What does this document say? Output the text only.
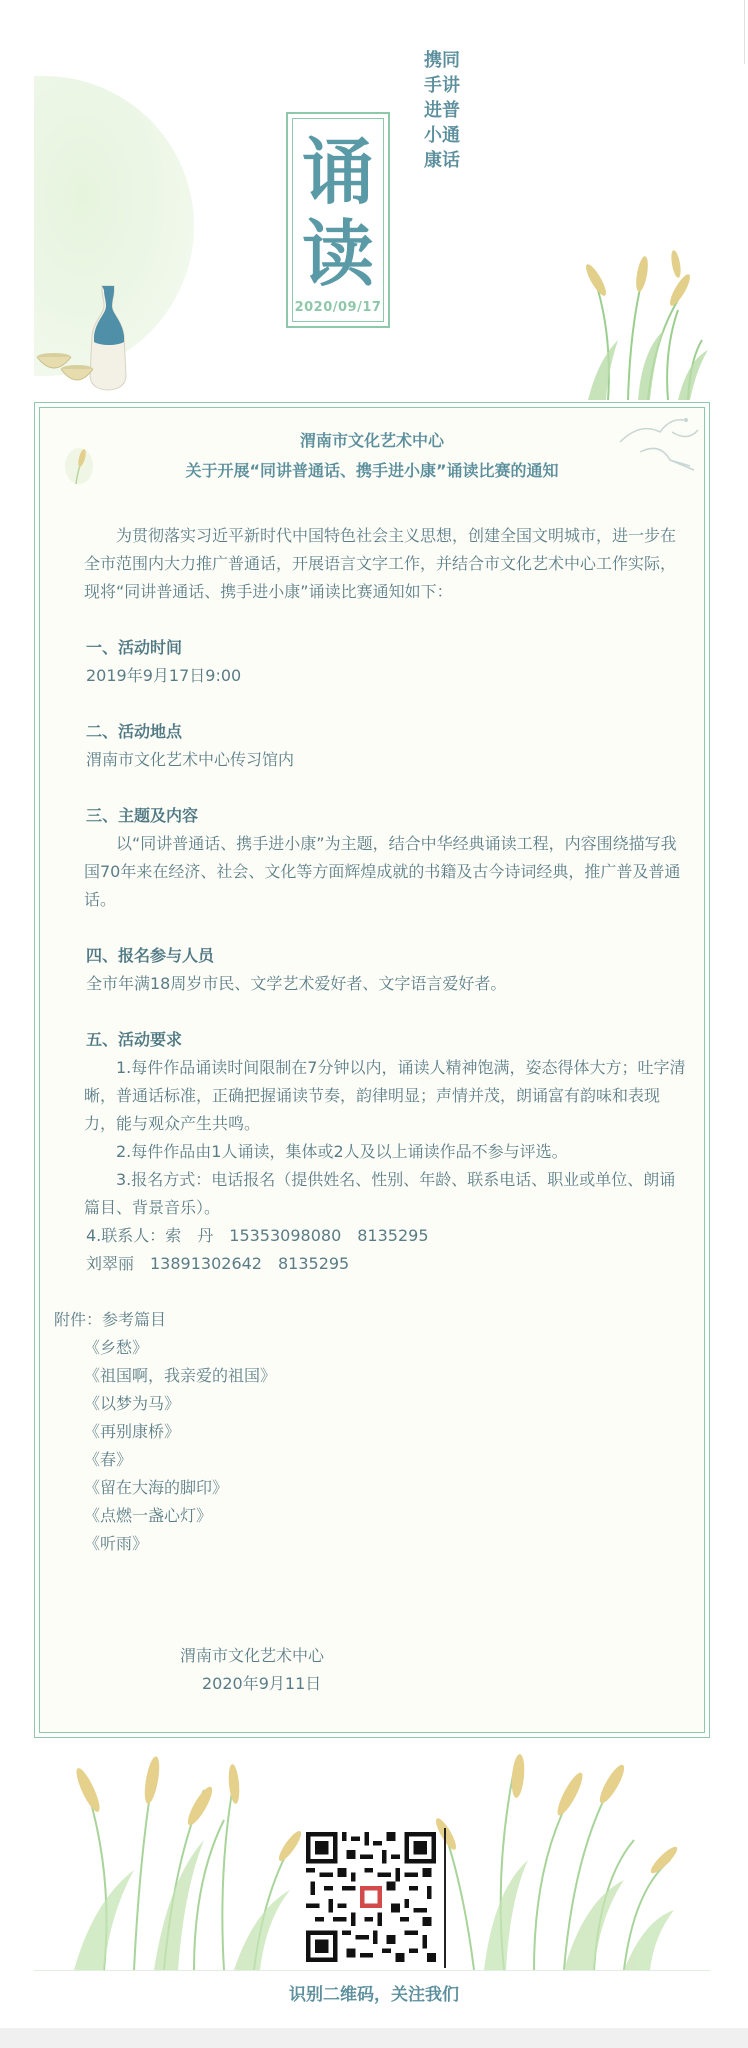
诵
读
2020/09/17
携同
手讲
进普
小通
康话
渭南市文化艺术中心
关于开展“同讲普通话、携手进小康”诵读比赛的通知
为贯彻落实习近平新时代中国特色社会主义思想，创建全国文明城市，进一步在全市范围内大力推广普通话，开展语言文字工作，并结合市文化艺术中心工作实际，现将“同讲普通话、携手进小康”诵读比赛通知如下：
一、活动时间
2019年9月17日9:00
二、活动地点
渭南市文化艺术中心传习馆内
三、主题及内容
以“同讲普通话、携手进小康”为主题，结合中华经典诵读工程，内容围绕描写我国70年来在经济、社会、文化等方面辉煌成就的书籍及古今诗词经典，推广普及普通话。
四、报名参与人员
全市年满18周岁市民、文学艺术爱好者、文字语言爱好者。
五、活动要求
1.每件作品诵读时间限制在7分钟以内，诵读人精神饱满，姿态得体大方；吐字清晰，普通话标准，正确把握诵读节奏，韵律明显；声情并茂，朗诵富有韵味和表现力，能与观众产生共鸣。
2.每件作品由1人诵读，集体或2人及以上诵读作品不参与评选。
3.报名方式：电话报名（提供姓名、性别、年龄、联系电话、职业或单位、朗诵篇目、背景音乐）。
4.联系人：索　丹　15353098080　8135295
刘翠丽　13891302642　8135295
附件：参考篇目
《乡愁》
《祖国啊，我亲爱的祖国》
《以梦为马》
《再别康桥》
《春》
《留在大海的脚印》
《点燃一盏心灯》
《听雨》
渭南市文化艺术中心
2020年9月11日
识别二维码，关注我们
